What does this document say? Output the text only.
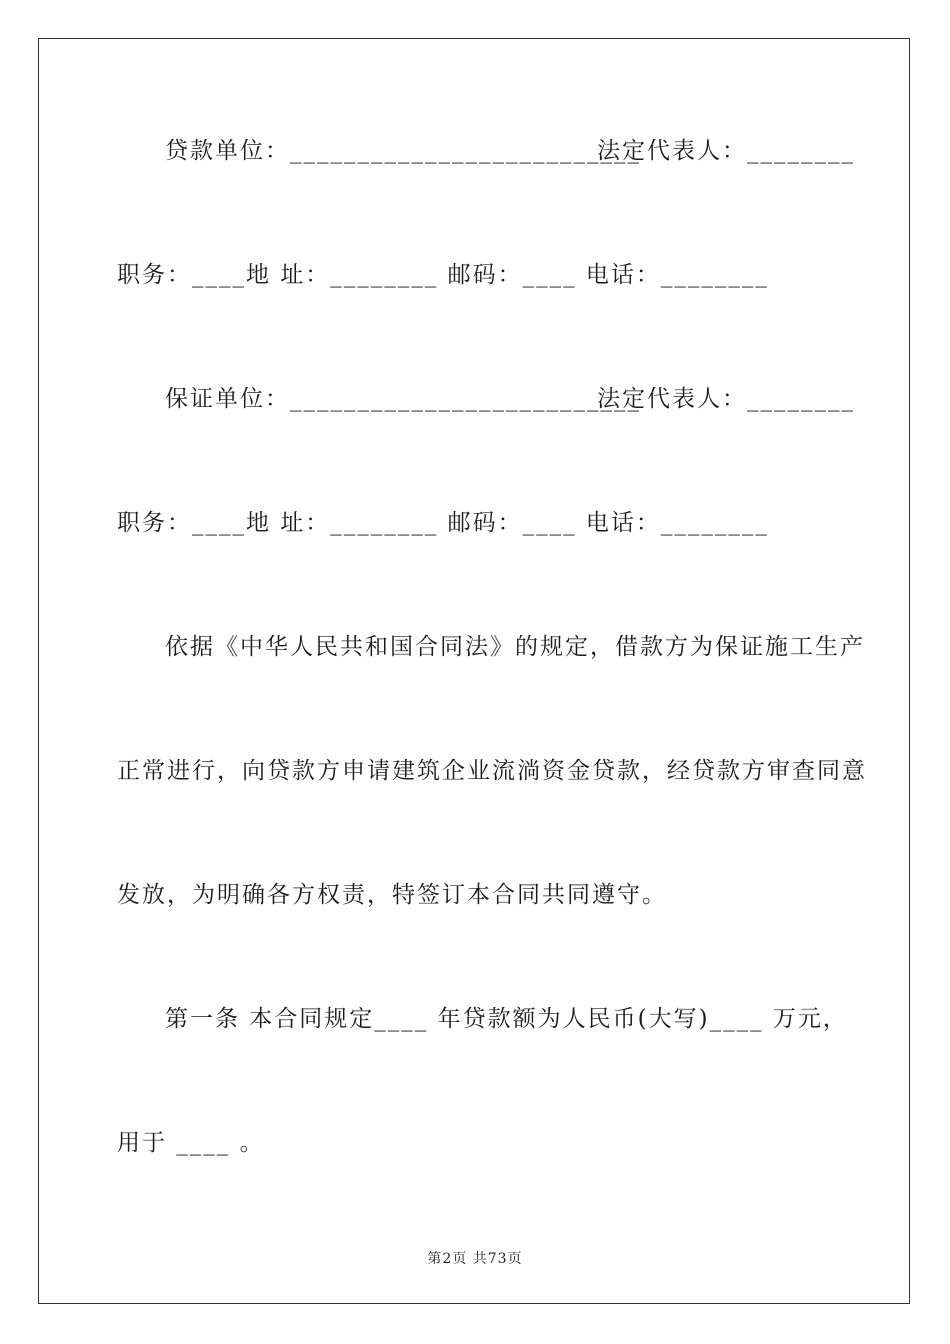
贷款单位：__________________________
法定代表人：________
职务：____地 址：________ 邮码：____ 电话：________
保证单位：__________________________
法定代表人：________
职务：____地 址：________ 邮码：____ 电话：________
依据《中华人民共和国合同法》的规定，借款方为保证施工生产
正常进行，向贷款方申请建筑企业流淌资金贷款，经贷款方审查同意
发放，为明确各方权责，特签订本合同共同遵守。
第一条 本合同规定____ 年贷款额为人民币(大写)____ 万元，
用于 ____ 。
第2页 共73页
